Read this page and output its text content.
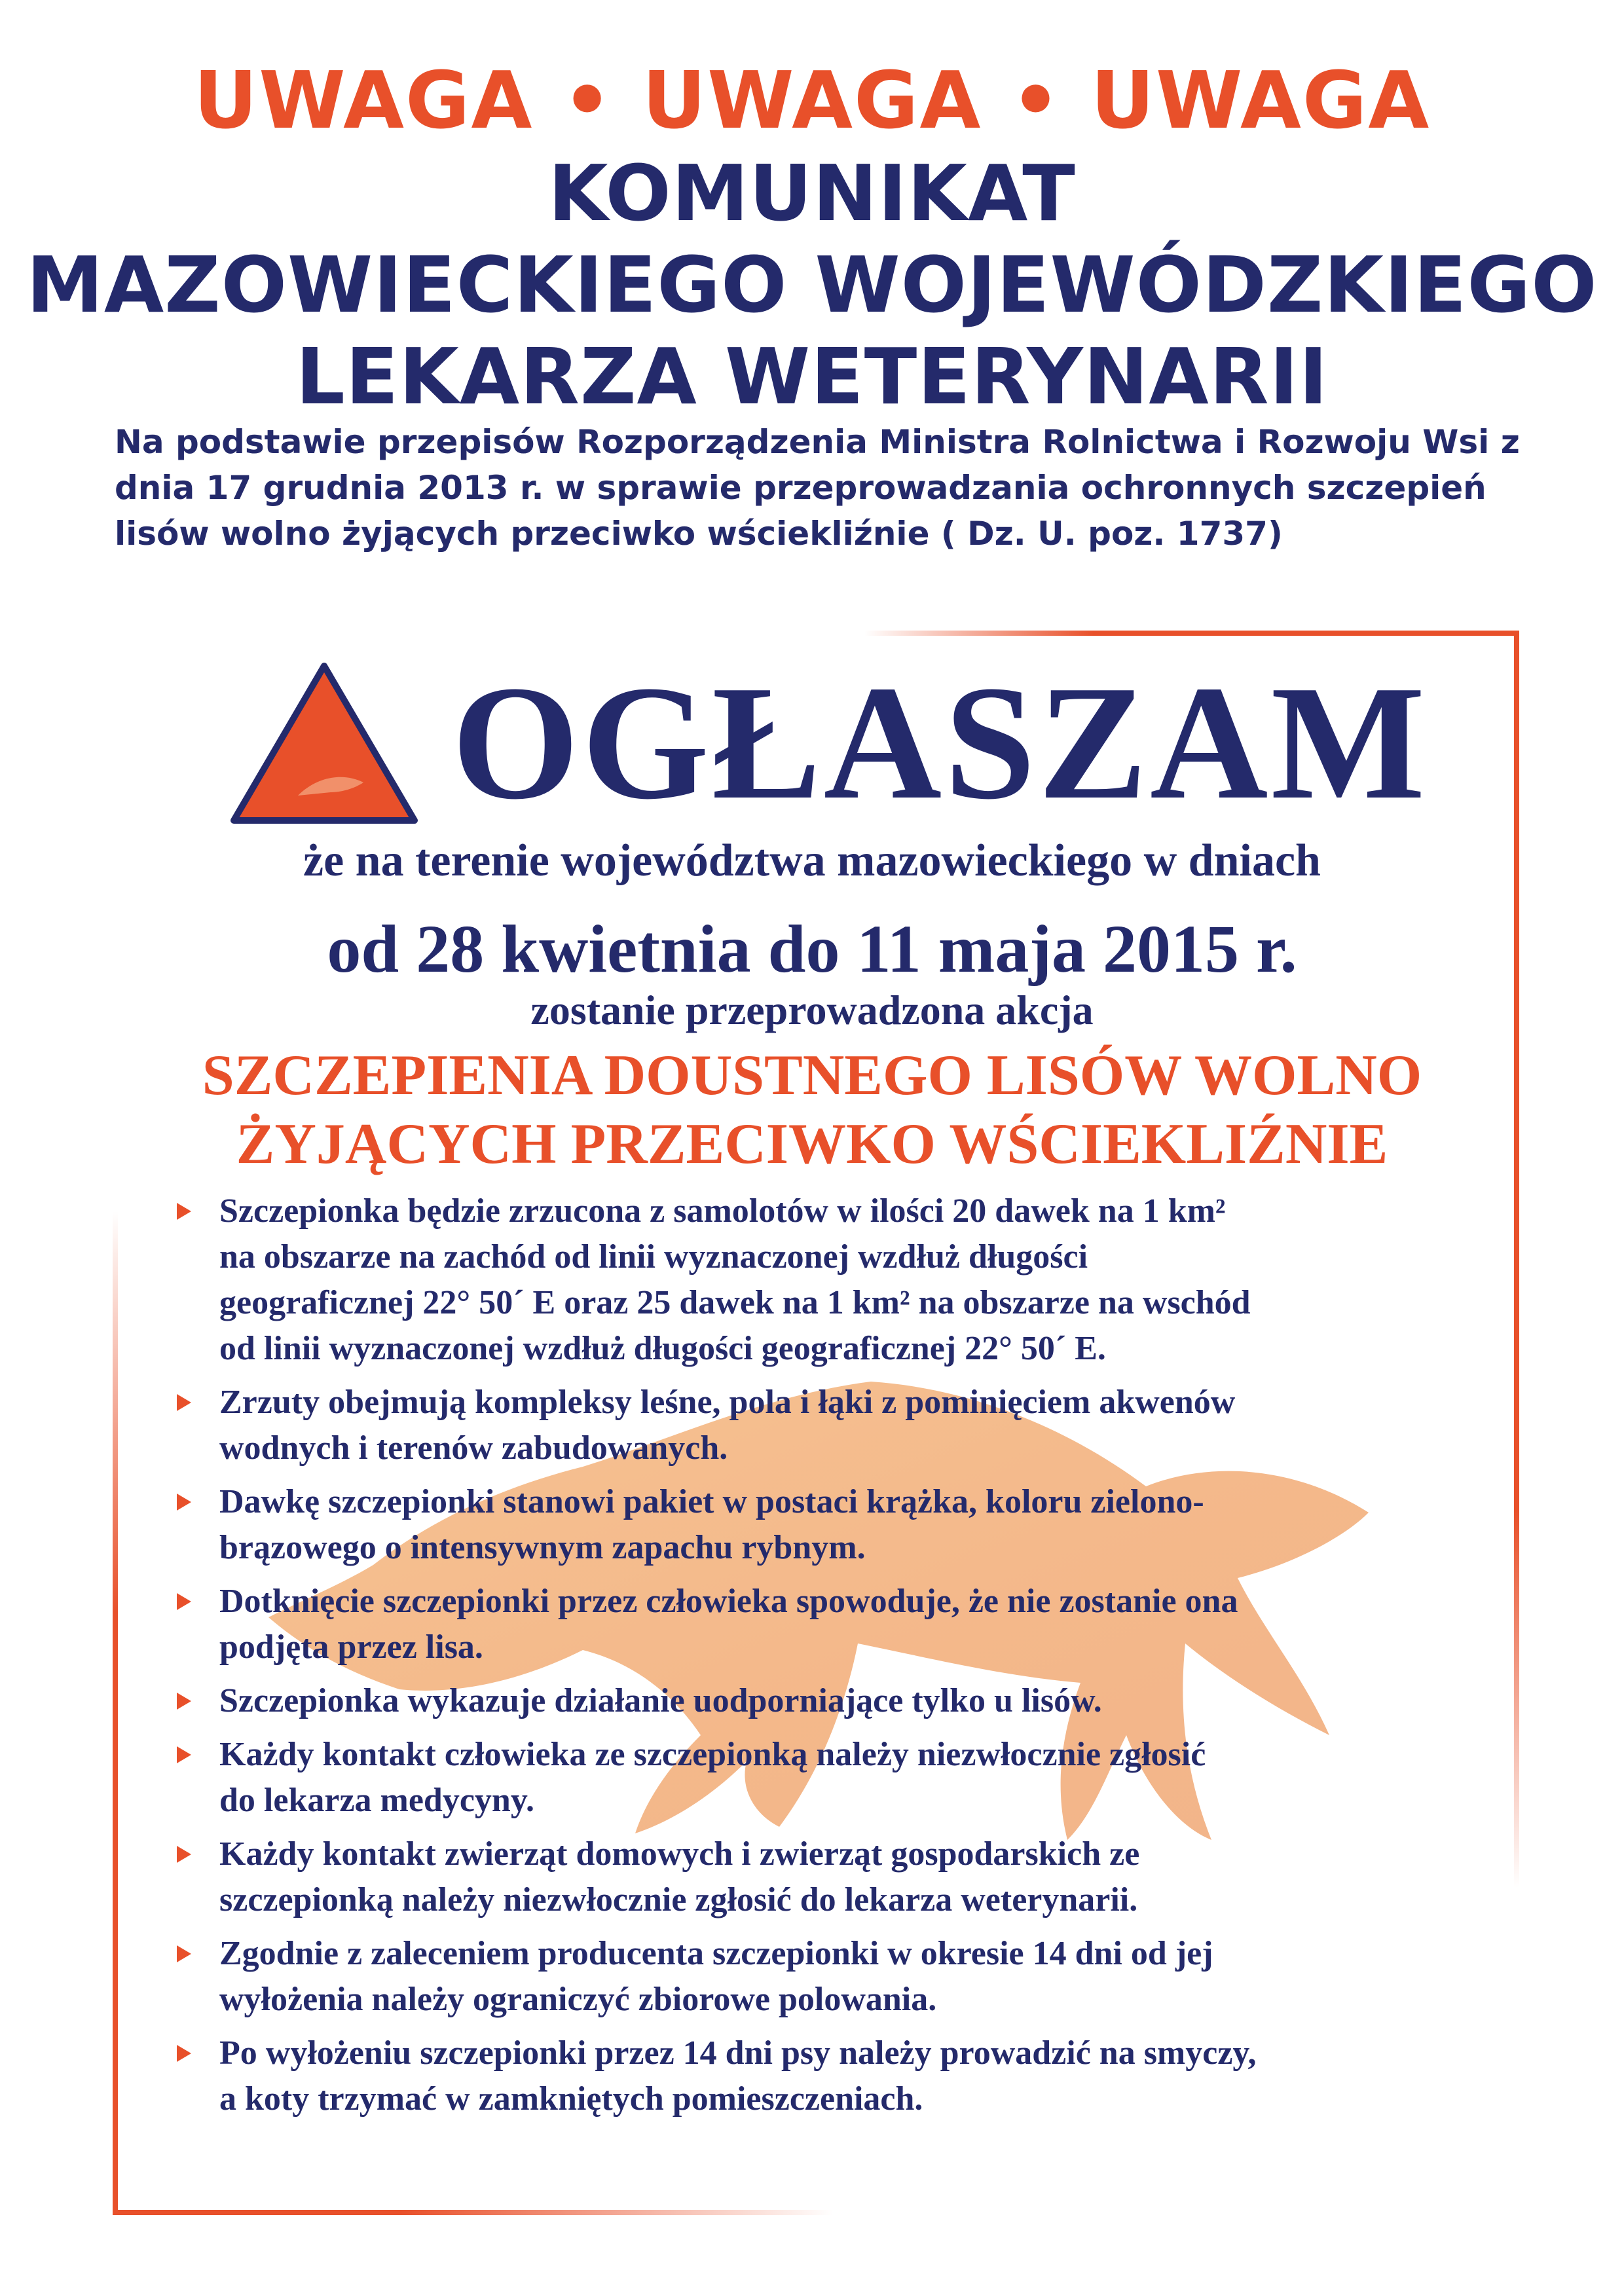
UWAGA • UWAGA • UWAGA
KOMUNIKAT
MAZOWIECKIEGO WOJEWÓDZKIEGO
LEKARZA WETERYNARII
Na podstawie przepisów Rozporządzenia Ministra Rolnictwa i Rozwoju Wsi z
dnia 17 grudnia 2013 r. w sprawie przeprowadzania ochronnych szczepień
lisów wolno żyjących przeciwko wściekliźnie ( Dz. U. poz. 1737)
OGŁASZAM
że na terenie województwa mazowieckiego w dniach
od 28 kwietnia do 11 maja 2015 r.
zostanie przeprowadzona akcja
SZCZEPIENIA DOUSTNEGO LISÓW WOLNO
ŻYJĄCYCH PRZECIWKO WŚCIEKLIŹNIE
Szczepionka będzie zrzucona z samolotów w ilości 20 dawek na 1 km²
na obszarze na zachód od linii wyznaczonej wzdłuż długości
geograficznej 22° 50´ E oraz 25 dawek na 1 km² na obszarze na wschód
od linii wyznaczonej wzdłuż długości geograficznej 22° 50´ E.
Zrzuty obejmują kompleksy leśne, pola i łąki z pominięciem akwenów
wodnych i terenów zabudowanych.
Dawkę szczepionki stanowi pakiet w postaci krążka, koloru zielono-
brązowego o intensywnym zapachu rybnym.
Dotknięcie szczepionki przez człowieka spowoduje, że nie zostanie ona
podjęta przez lisa.
Szczepionka wykazuje działanie uodporniające tylko u lisów.
Każdy kontakt człowieka ze szczepionką należy niezwłocznie zgłosić
do lekarza medycyny.
Każdy kontakt zwierząt domowych i zwierząt gospodarskich ze
szczepionką należy niezwłocznie zgłosić do lekarza weterynarii.
Zgodnie z zaleceniem producenta szczepionki w okresie 14 dni od jej
wyłożenia należy ograniczyć zbiorowe polowania.
Po wyłożeniu szczepionki przez 14 dni psy należy prowadzić na smyczy,
a koty trzymać w zamkniętych pomieszczeniach.
